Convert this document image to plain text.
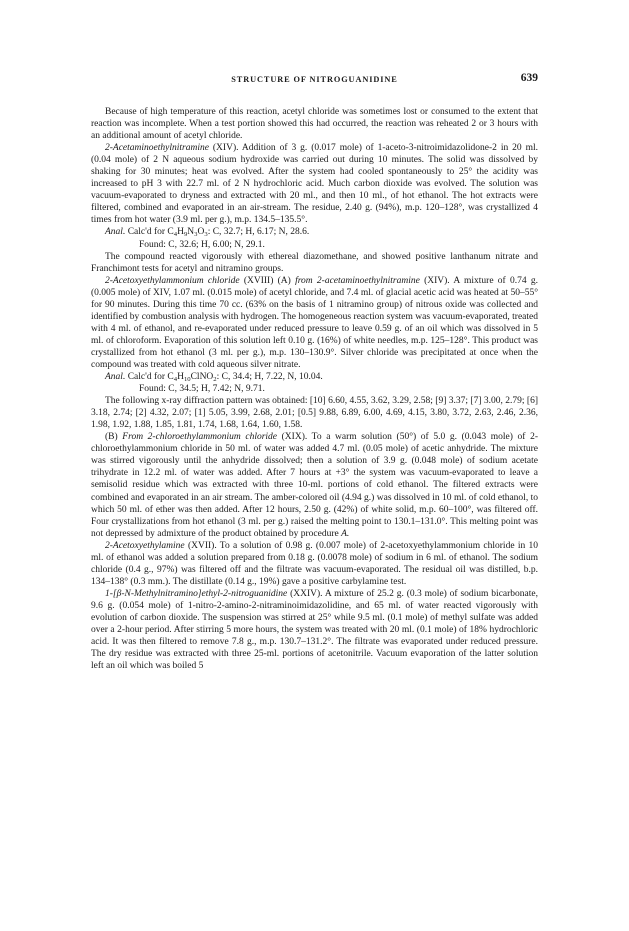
STRUCTURE OF NITROGUANIDINE	639

Because of high temperature of this reaction, acetyl chloride was sometimes lost or consumed to the extent that reaction was incomplete. When a test portion showed this had occurred, the reaction was reheated 2 or 3 hours with an additional amount of acetyl chloride.

2-Acetaminoethylnitramine (XIV). Addition of 3 g. (0.017 mole) of 1-aceto-3-nitroimidazolidone-2 in 20 ml. (0.04 mole) of 2 N aqueous sodium hydroxide was carried out during 10 minutes. The solid was dissolved by shaking for 30 minutes; heat was evolved. After the system had cooled spontaneously to 25° the acidity was increased to pH 3 with 22.7 ml. of 2 N hydrochloric acid. Much carbon dioxide was evolved. The solution was vacuum-evaporated to dryness and extracted with 20 ml., and then 10 ml., of hot ethanol. The hot extracts were filtered, combined and evaporated in an air-stream. The residue, 2.40 g. (94%), m.p. 120–128°, was crystallized 4 times from hot water (3.9 ml. per g.), m.p. 134.5–135.5°.

Anal. Calc'd for $C_4H_9N_3O_3$: C, 32.7; H, 6.17; N, 28.6.

Found: C, 32.6; H, 6.00; N, 29.1.

The compound reacted vigorously with ethereal diazomethane, and showed positive lanthanum nitrate and Franchimont tests for acetyl and nitramino groups.

2-Acetoxyethylammonium chloride (XVIII) (A) from 2-acetaminoethylnitramine (XIV). A mixture of 0.74 g. (0.005 mole) of XIV, 1.07 ml. (0.015 mole) of acetyl chloride, and 7.4 ml. of glacial acetic acid was heated at 50–55° for 90 minutes. During this time 70 cc. (63% on the basis of 1 nitramino group) of nitrous oxide was collected and identified by combustion analysis with hydrogen. The homogeneous reaction system was vacuum-evaporated, treated with 4 ml. of ethanol, and re-evaporated under reduced pressure to leave 0.59 g. of an oil which was dissolved in 5 ml. of chloroform. Evaporation of this solution left 0.10 g. (16%) of white needles, m.p. 125–128°. This product was crystallized from hot ethanol (3 ml. per g.), m.p. 130–130.9°. Silver chloride was precipitated at once when the compound was treated with cold aqueous silver nitrate.

Anal. Calc'd for $C_4H_{10}ClNO_2$: C, 34.4; H, 7.22, N, 10.04.

Found: C, 34.5; H, 7.42; N, 9.71.

The following x-ray diffraction pattern was obtained: [10] 6.60, 4.55, 3.62, 3.29, 2.58; [9] 3.37; [7] 3.00, 2.79; [6] 3.18, 2.74; [2] 4.32, 2.07; [1] 5.05, 3.99, 2.68, 2.01; [0.5] 9.88, 6.89, 6.00, 4.69, 4.15, 3.80, 3.72, 2.63, 2.46, 2.36, 1.98, 1.92, 1.88, 1.85, 1.81, 1.74, 1.68, 1.64, 1.60, 1.58.

(B) From 2-chloroethylammonium chloride (XIX). To a warm solution (50°) of 5.0 g. (0.043 mole) of 2-chloroethylammonium chloride in 50 ml. of water was added 4.7 ml. (0.05 mole) of acetic anhydride. The mixture was stirred vigorously until the anhydride dissolved; then a solution of 3.9 g. (0.048 mole) of sodium acetate trihydrate in 12.2 ml. of water was added. After 7 hours at +3° the system was vacuum-evaporated to leave a semisolid residue which was extracted with three 10-ml. portions of cold ethanol. The filtered extracts were combined and evaporated in an air stream. The amber-colored oil (4.94 g.) was dissolved in 10 ml. of cold ethanol, to which 50 ml. of ether was then added. After 12 hours, 2.50 g. (42%) of white solid, m.p. 60–100°, was filtered off. Four crystallizations from hot ethanol (3 ml. per g.) raised the melting point to 130.1–131.0°. This melting point was not depressed by admixture of the product obtained by procedure A.

2-Acetoxyethylamine (XVII). To a solution of 0.98 g. (0.007 mole) of 2-acetoxyethylammonium chloride in 10 ml. of ethanol was added a solution prepared from 0.18 g. (0.0078 mole) of sodium in 6 ml. of ethanol. The sodium chloride (0.4 g., 97%) was filtered off and the filtrate was vacuum-evaporated. The residual oil was distilled, b.p. 134–138° (0.3 mm.). The distillate (0.14 g., 19%) gave a positive carbylamine test.

1-[β-N-Methylnitramino]ethyl-2-nitroguanidine (XXIV). A mixture of 25.2 g. (0.3 mole) of sodium bicarbonate, 9.6 g. (0.054 mole) of 1-nitro-2-amino-2-nitraminoimidazolidine, and 65 ml. of water reacted vigorously with evolution of carbon dioxide. The suspension was stirred at 25° while 9.5 ml. (0.1 mole) of methyl sulfate was added over a 2-hour period. After stirring 5 more hours, the system was treated with 20 ml. (0.1 mole) of 18% hydrochloric acid. It was then filtered to remove 7.8 g., m.p. 130.7–131.2°. The filtrate was evaporated under reduced pressure. The dry residue was extracted with three 25-ml. portions of acetonitrile. Vacuum evaporation of the latter solution left an oil which was boiled 5
